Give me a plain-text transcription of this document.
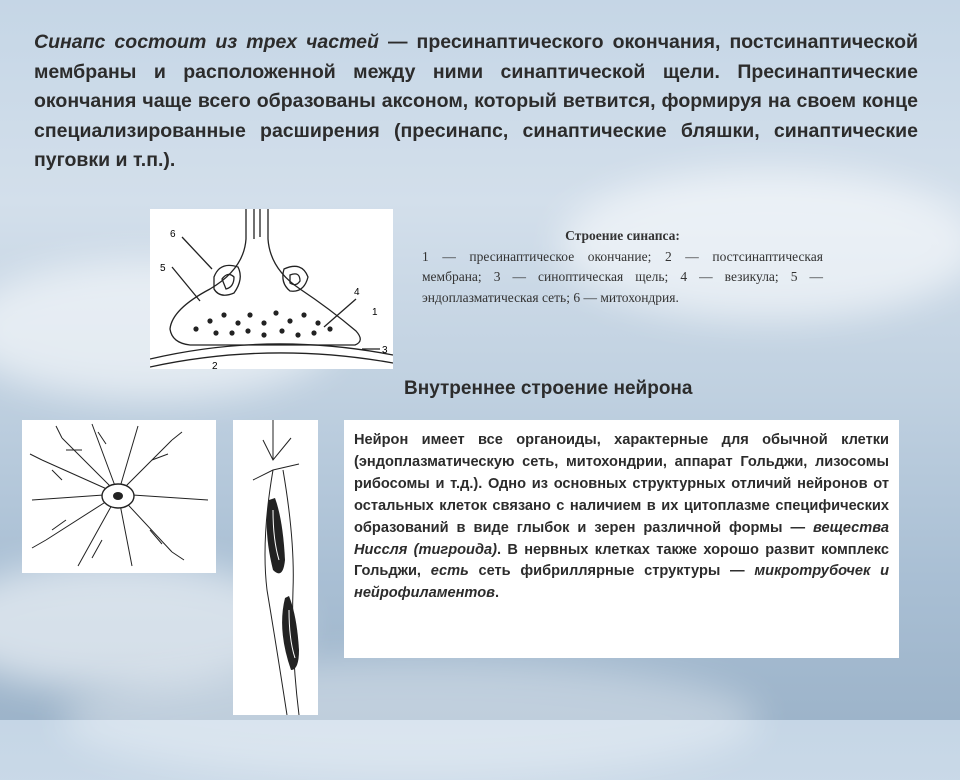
Синапс состоит из трех частей — пресинаптического окончания, постсинаптической мембраны и расположенной между ними синаптической щели. Пресинаптические окончания чаще всего образованы аксоном, который ветвится, формируя на своем конце специализированные расширения (пресинапс, синаптические бляшки, синаптические пуговки и т.п.).

6
5
4
1
3
2
Строение синапса:
1 — пресинаптическое окончание; 2 — постсинаптическая мембрана; 3 — синоптическая щель; 4 — везикула; 5 — эндоплазматическая сеть; 6 — митохондрия.
Внутреннее строение нейрона
Нейрон имеет все органоиды, характерные для обычной клетки (эндоплазматическую сеть, митохондрии, аппарат Гольджи, лизосомы рибосомы и т.д.). Одно из основных структурных отличий нейронов от остальных клеток связано с наличием в их цитоплазме специфических образований в виде глыбок и зерен различной формы — вещества Ниссля (тигроида). В нервных клетках также хорошо развит комплекс Гольджи, есть сеть фибриллярные структуры — микротрубочек и нейрофиламентов.
